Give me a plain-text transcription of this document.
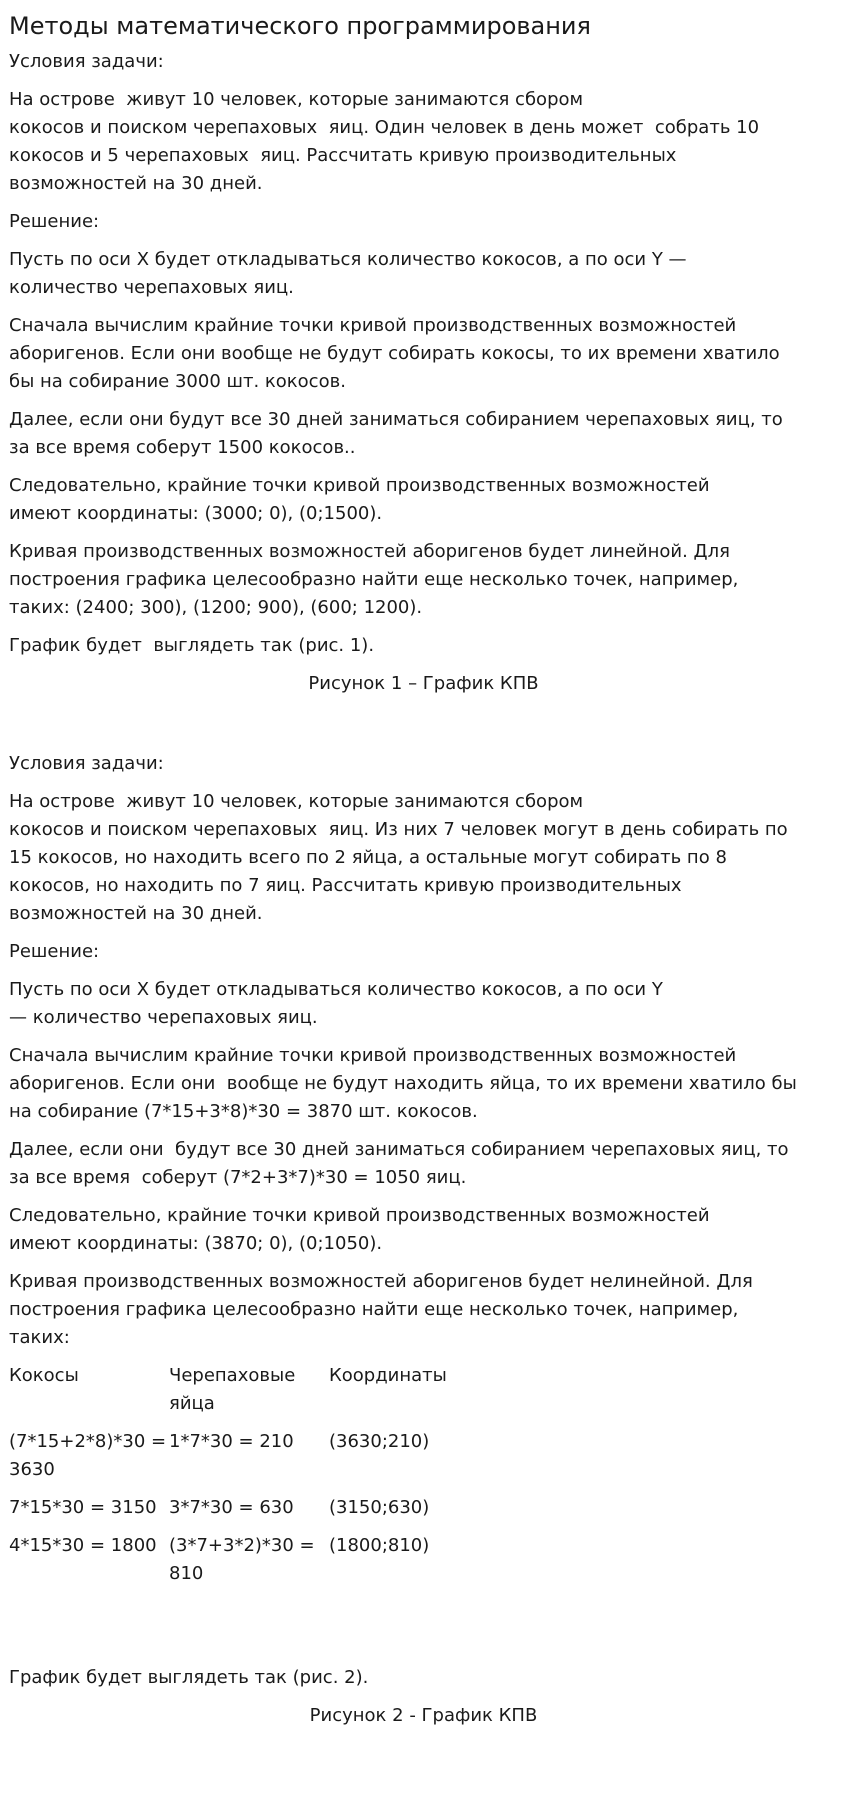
Методы математического программирования

Условия задачи:

На острове  живут 10 человек, которые занимаются сбором
кокосов и поиском черепаховых  яиц. Один человек в день может  собрать 10
кокосов и 5 черепаховых  яиц. Рассчитать кривую производительных
возможностей на 30 дней.

Решение:

Пусть по оси X будет откладываться количество кокосов, а по оси Y —
количество черепаховых яиц.

Сначала вычислим крайние точки кривой производственных возможностей
аборигенов. Если они вообще не будут собирать кокосы, то их времени хватило
бы на собирание 3000 шт. кокосов.

Далее, если они будут все 30 дней заниматься собиранием черепаховых яиц, то
за все время соберут 1500 кокосов..

Следовательно, крайние точки кривой производственных возможностей
имеют координаты: (3000; 0), (0;1500).

Кривая производственных возможностей аборигенов будет линейной. Для
построения графика целесообразно найти еще несколько точек, например,
таких: (2400; 300), (1200; 900), (600; 1200).

График будет  выглядеть так (рис. 1).

Рисунок 1 – График КПВ

Условия задачи:

На острове  живут 10 человек, которые занимаются сбором
кокосов и поиском черепаховых  яиц. Из них 7 человек могут в день собирать по
15 кокосов, но находить всего по 2 яйца, а остальные могут собирать по 8
кокосов, но находить по 7 яиц. Рассчитать кривую производительных
возможностей на 30 дней.

Решение:

Пусть по оси X будет откладываться количество кокосов, а по оси Y
— количество черепаховых яиц.

Сначала вычислим крайние точки кривой производственных возможностей
аборигенов. Если они  вообще не будут находить яйца, то их времени хватило бы
на собирание (7*15+3*8)*30 = 3870 шт. кокосов.

Далее, если они  будут все 30 дней заниматься собиранием черепаховых яиц, то
за все время  соберут (7*2+3*7)*30 = 1050 яиц.

Следовательно, крайние точки кривой производственных возможностей
имеют координаты: (3870; 0), (0;1050).

Кривая производственных возможностей аборигенов будет нелинейной. Для
построения графика целесообразно найти еще несколько точек, например,
таких:

Кокосы	Черепаховые яйца	Координаты
(7*15+2*8)*30 = 3630	1*7*30 = 210	(3630;210)
7*15*30 = 3150	3*7*30 = 630	(3150;630)
4*15*30 = 1800	(3*7+3*2)*30 = 810	(1800;810)

График будет выглядеть так (рис. 2).

Рисунок 2 - График КПВ
